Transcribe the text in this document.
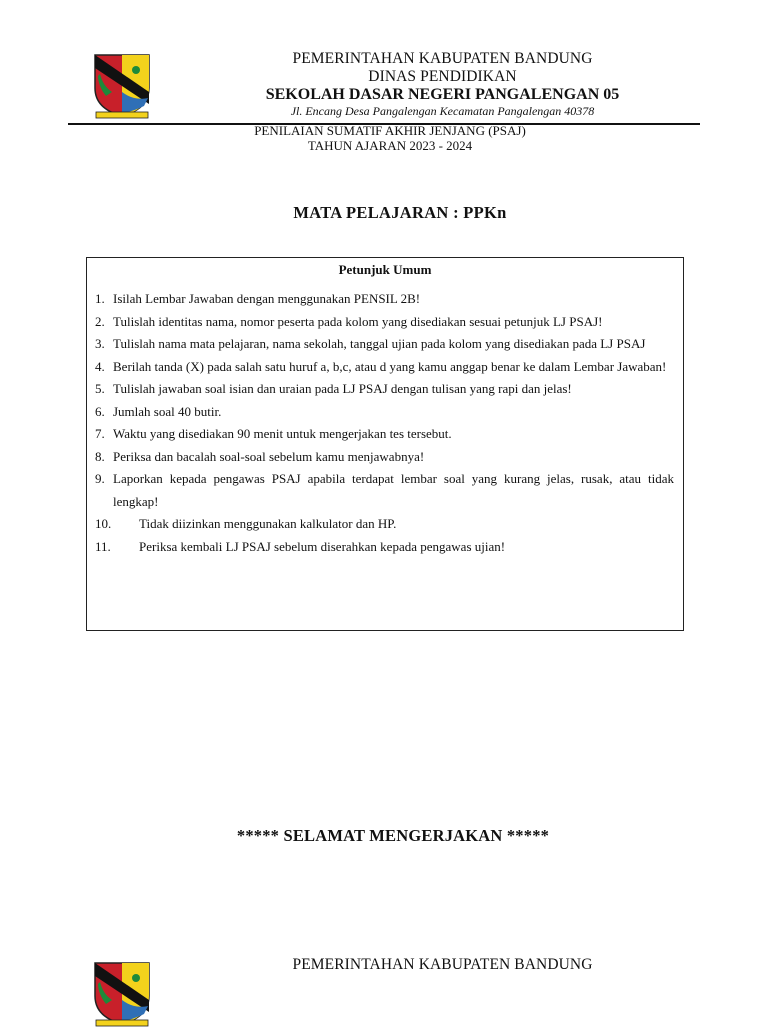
PEMERINTAHAN KABUPATEN BANDUNG
DINAS PENDIDIKAN
SEKOLAH DASAR NEGERI PANGALENGAN 05
Jl. Encang Desa Pangalengan Kecamatan Pangalengan 40378
PENILAIAN SUMATIF AKHIR JENJANG (PSAJ)
TAHUN AJARAN 2023 - 2024
MATA PELAJARAN : PPKn
Petunjuk Umum
1. Isilah Lembar Jawaban dengan menggunakan PENSIL 2B!
2. Tulislah identitas nama, nomor peserta pada kolom yang disediakan sesuai petunjuk LJ PSAJ!
3. Tulislah nama mata pelajaran, nama sekolah, tanggal ujian pada kolom yang disediakan pada LJ PSAJ
4. Berilah tanda (X) pada salah satu huruf a, b,c, atau d yang kamu anggap benar ke dalam Lembar Jawaban!
5. Tulislah jawaban soal isian dan uraian pada LJ PSAJ dengan tulisan yang rapi dan jelas!
6. Jumlah soal 40 butir.
7. Waktu yang disediakan 90 menit untuk mengerjakan tes tersebut.
8. Periksa dan bacalah soal-soal sebelum kamu menjawabnya!
9. Laporkan kepada pengawas PSAJ apabila terdapat lembar soal yang kurang jelas, rusak, atau tidak lengkap!
10.	Tidak diizinkan menggunakan kalkulator dan HP.
11.	Periksa kembali LJ PSAJ sebelum diserahkan kepada pengawas ujian!
***** SELAMAT MENGERJAKAN *****
PEMERINTAHAN KABUPATEN BANDUNG
